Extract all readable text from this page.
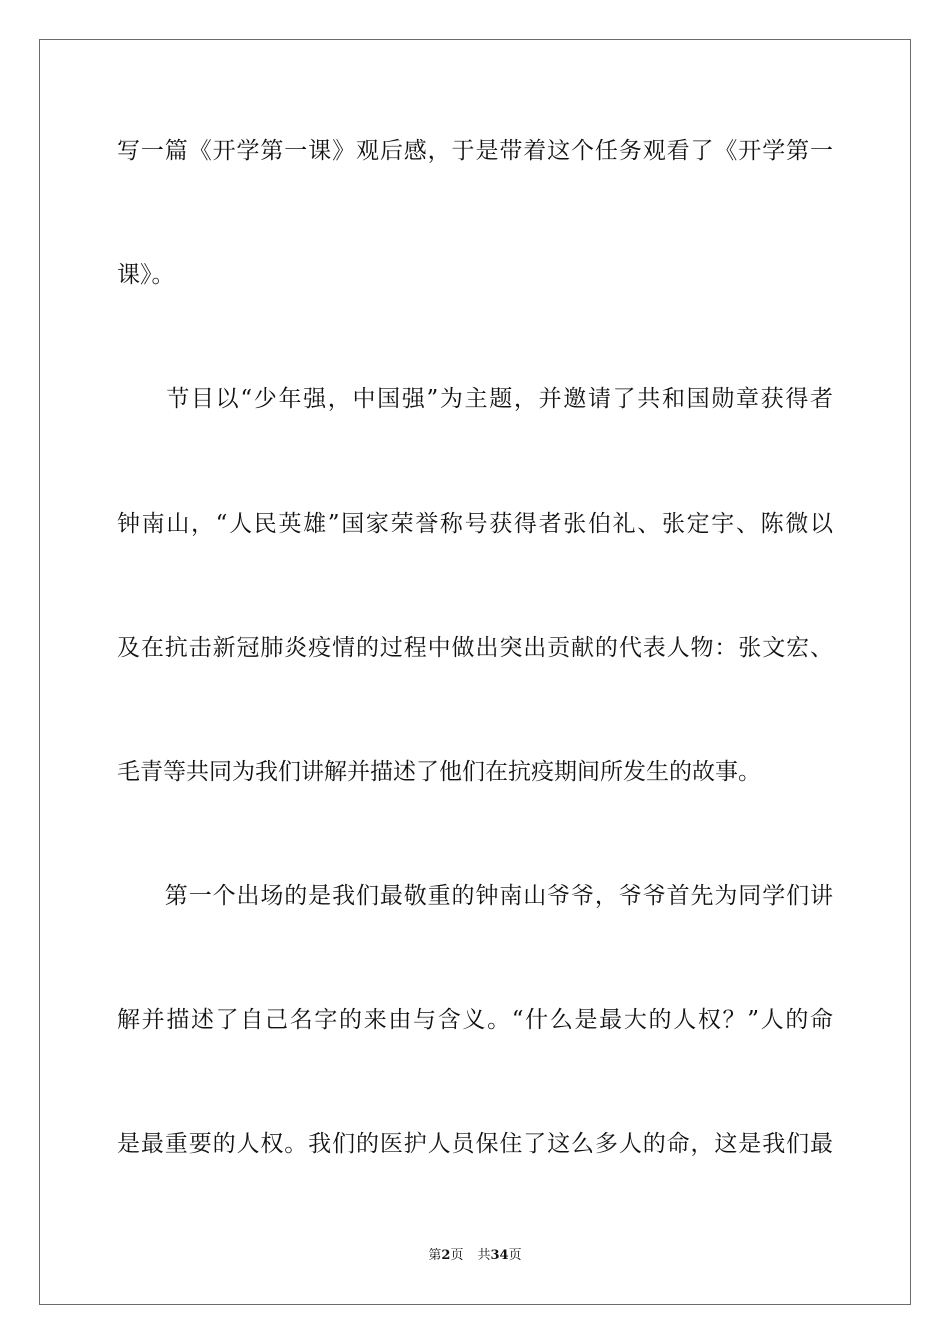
写一篇《开学第一课》观后感，于是带着这个任务观看了《开学第一
课》。
　　节目以“少年强，中国强”为主题，并邀请了共和国勋章获得者
钟南山，“人民英雄”国家荣誉称号获得者张伯礼、张定宇、陈微以
及在抗击新冠肺炎疫情的过程中做出突出贡献的代表人物：张文宏、
毛青等共同为我们讲解并描述了他们在抗疫期间所发生的故事。
　　第一个出场的是我们最敬重的钟南山爷爷，爷爷首先为同学们讲
解并描述了自己名字的来由与含义。“什么是最大的人权？”人的命
是最重要的人权。我们的医护人员保住了这么多人的命，这是我们最
第2页 共34页
